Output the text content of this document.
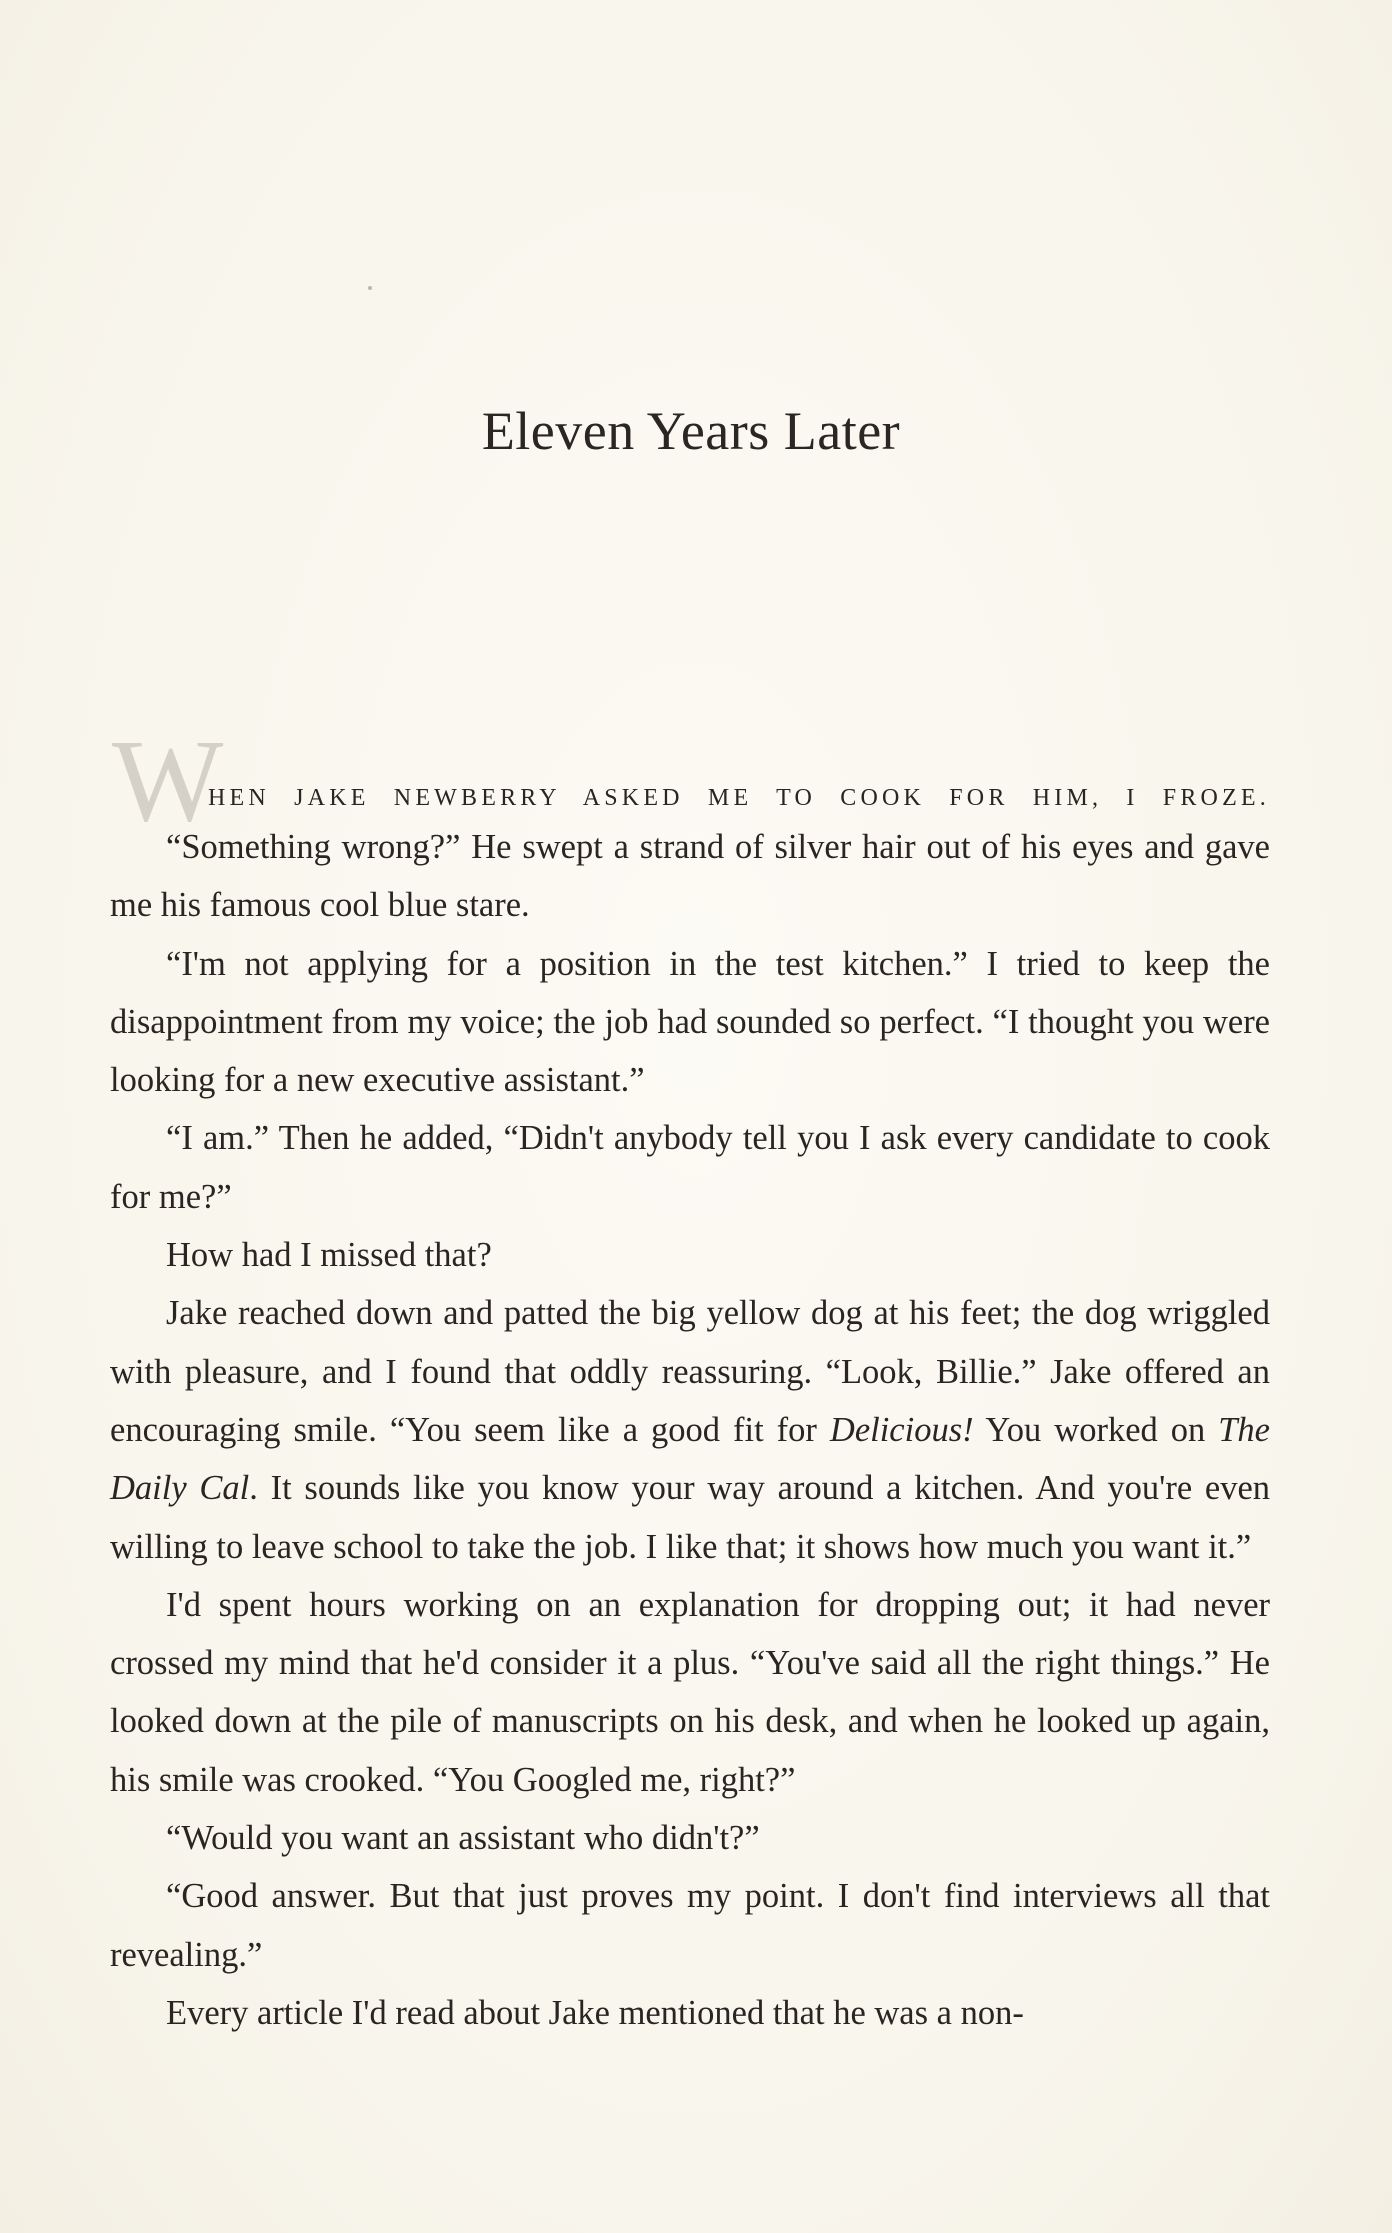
Eleven Years Later
W

HEN JAKE NEWBERRY ASKED ME TO COOK FOR HIM, I FROZE.

“Something wrong?” He swept a strand of silver hair out of his eyes and gave me his famous cool blue stare.

“I'm not applying for a position in the test kitchen.” I tried to keep the disappointment from my voice; the job had sounded so perfect. “I thought you were looking for a new executive assistant.”

“I am.” Then he added, “Didn't anybody tell you I ask every candidate to cook for me?”

How had I missed that?

Jake reached down and patted the big yellow dog at his feet; the dog wriggled with pleasure, and I found that oddly reassuring. “Look, Billie.” Jake offered an encouraging smile. “You seem like a good fit for Delicious! You worked on The Daily Cal. It sounds like you know your way around a kitchen. And you're even willing to leave school to take the job. I like that; it shows how much you want it.”

I'd spent hours working on an explanation for dropping out; it had never crossed my mind that he'd consider it a plus. “You've said all the right things.” He looked down at the pile of manuscripts on his desk, and when he looked up again, his smile was crooked. “You Googled me, right?”

“Would you want an assistant who didn't?”

“Good answer. But that just proves my point. I don't find interviews all that revealing.”

Every article I'd read about Jake mentioned that he was a non-
